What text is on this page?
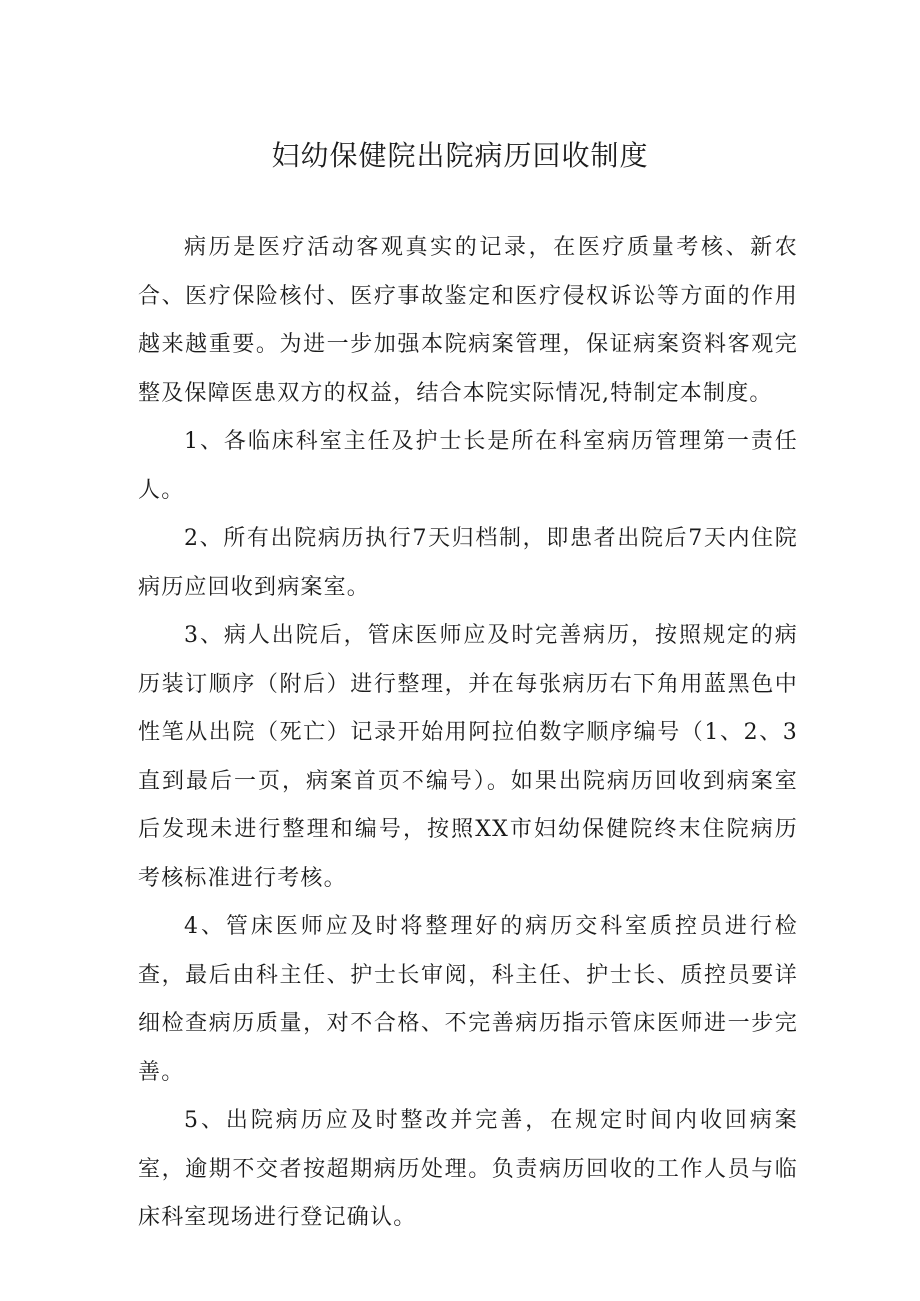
妇幼保健院出院病历回收制度

病历是医疗活动客观真实的记录，在医疗质量考核、新农合、医疗保险核付、医疗事故鉴定和医疗侵权诉讼等方面的作用越来越重要。为进一步加强本院病案管理，保证病案资料客观完整及保障医患双方的权益，结合本院实际情况,特制定本制度。

1、各临床科室主任及护士长是所在科室病历管理第一责任人。

2、所有出院病历执行7天归档制，即患者出院后7天内住院病历应回收到病案室。

3、病人出院后，管床医师应及时完善病历，按照规定的病历装订顺序（附后）进行整理，并在每张病历右下角用蓝黑色中性笔从出院（死亡）记录开始用阿拉伯数字顺序编号（1、2、3直到最后一页，病案首页不编号）。如果出院病历回收到病案室后发现未进行整理和编号，按照XX市妇幼保健院终末住院病历考核标准进行考核。

4、管床医师应及时将整理好的病历交科室质控员进行检查，最后由科主任、护士长审阅，科主任、护士长、质控员要详细检查病历质量，对不合格、不完善病历指示管床医师进一步完善。

5、出院病历应及时整改并完善，在规定时间内收回病案室，逾期不交者按超期病历处理。负责病历回收的工作人员与临床科室现场进行登记确认。
